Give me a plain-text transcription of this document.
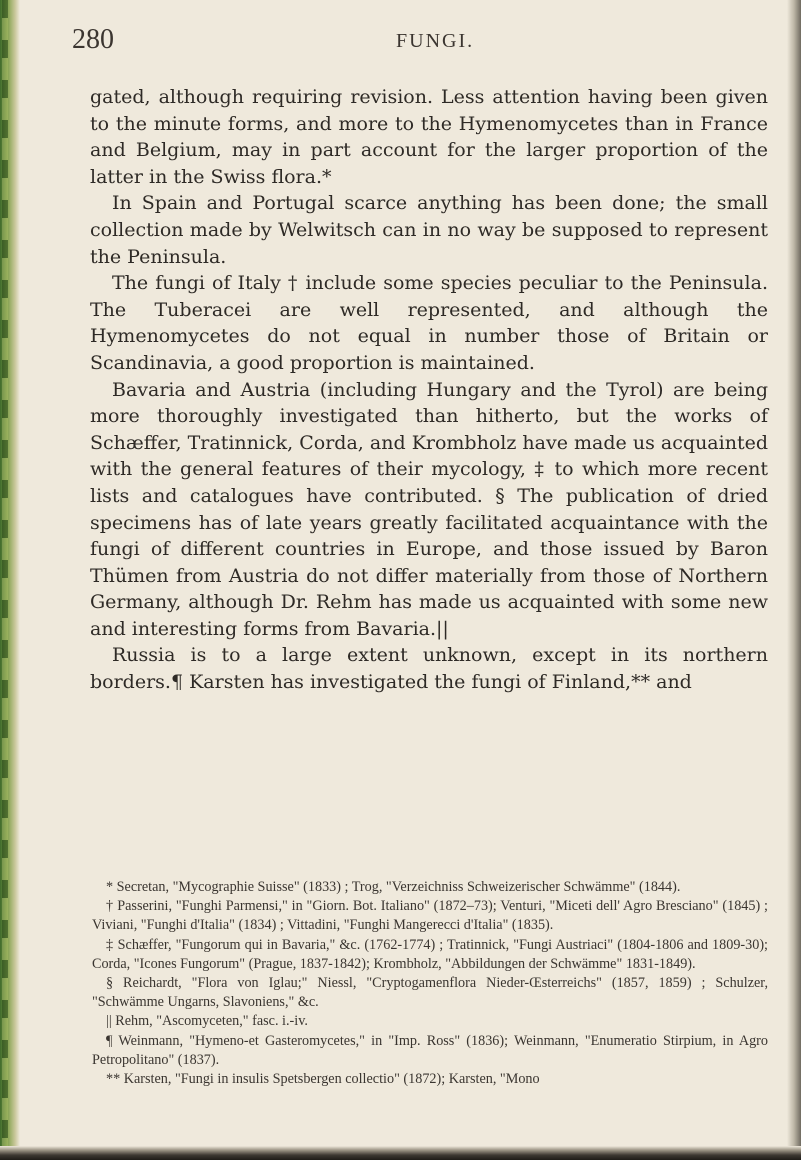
280	FUNGI.

gated, although requiring revision. Less attention having been given to the minute forms, and more to the Hymenomycetes than in France and Belgium, may in part account for the larger proportion of the latter in the Swiss flora.*

In Spain and Portugal scarce anything has been done; the small collection made by Welwitsch can in no way be supposed to represent the Peninsula.

The fungi of Italy † include some species peculiar to the Peninsula. The Tuberacei are well represented, and although the Hymenomycetes do not equal in number those of Britain or Scandinavia, a good proportion is maintained.

Bavaria and Austria (including Hungary and the Tyrol) are being more thoroughly investigated than hitherto, but the works of Schæffer, Tratinnick, Corda, and Krombholz have made us acquainted with the general features of their mycology, ‡ to which more recent lists and catalogues have contributed. § The publication of dried specimens has of late years greatly facilitated acquaintance with the fungi of different countries in Europe, and those issued by Baron Thümen from Austria do not differ materially from those of Northern Germany, although Dr. Rehm has made us acquainted with some new and interesting forms from Bavaria.||

Russia is to a large extent unknown, except in its northern borders.¶ Karsten has investigated the fungi of Finland,** and

* Secretan, "Mycographie Suisse" (1833) ; Trog, "Verzeichniss Schweizerischer Schwämme" (1844).

† Passerini, "Funghi Parmensi," in "Giorn. Bot. Italiano" (1872–73); Venturi, "Miceti dell' Agro Bresciano" (1845) ; Viviani, "Funghi d'Italia" (1834) ; Vittadini, "Funghi Mangerecci d'Italia" (1835).

‡ Schæffer, "Fungorum qui in Bavaria," &c. (1762-1774) ; Tratinnick, "Fungi Austriaci" (1804-1806 and 1809-30); Corda, "Icones Fungorum" (Prague, 1837-1842); Krombholz, "Abbildungen der Schwämme" 1831-1849).

§ Reichardt, "Flora von Iglau;" Niessl, "Cryptogamenflora Nieder-Œsterreichs" (1857, 1859) ; Schulzer, "Schwämme Ungarns, Slavoniens," &c.

|| Rehm, "Ascomyceten," fasc. i.-iv.

¶ Weinmann, "Hymeno-et Gasteromycetes," in "Imp. Ross" (1836); Weinmann, "Enumeratio Stirpium, in Agro Petropolitano" (1837).

** Karsten, "Fungi in insulis Spetsbergen collectio" (1872); Karsten, "Mono
